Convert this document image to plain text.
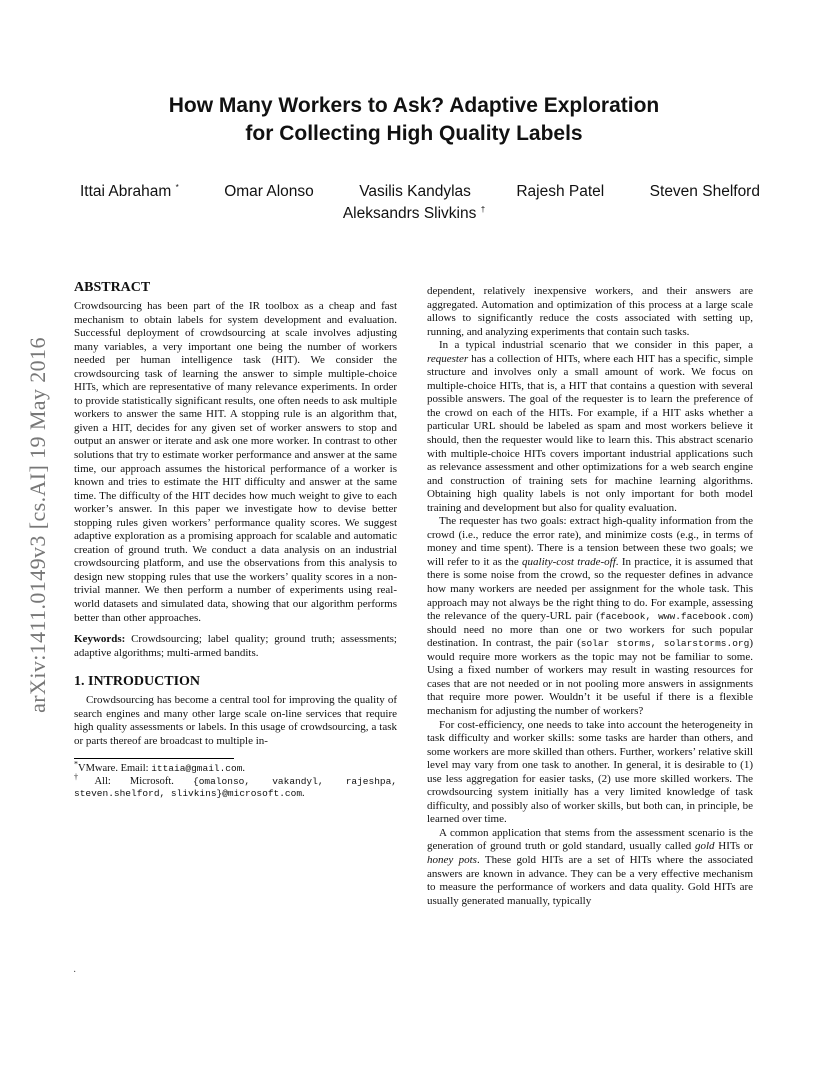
How Many Workers to Ask? Adaptive Exploration
for Collecting High Quality Labels
Ittai Abraham *	Omar Alonso	Vasilis Kandylas	Rajesh Patel	Steven Shelford
Aleksandrs Slivkins †
arXiv:1411.0149v3 [cs.AI] 19 May 2016
ABSTRACT

Crowdsourcing has been part of the IR toolbox as a cheap and fast mechanism to obtain labels for system development and evaluation. Successful deployment of crowdsourcing at scale involves adjusting many variables, a very important one being the number of workers needed per human intelligence task (HIT). We consider the crowdsourcing task of learning the answer to simple multiple-choice HITs, which are representative of many relevance experiments. In order to provide statistically significant results, one often needs to ask multiple workers to answer the same HIT. A stopping rule is an algorithm that, given a HIT, decides for any given set of worker answers to stop and output an answer or iterate and ask one more worker. In contrast to other solutions that try to estimate worker performance and answer at the same time, our approach assumes the historical performance of a worker is known and tries to estimate the HIT difficulty and answer at the same time. The difficulty of the HIT decides how much weight to give to each worker’s answer. In this paper we investigate how to devise better stopping rules given workers’ performance quality scores. We suggest adaptive exploration as a promising approach for scalable and automatic creation of ground truth. We conduct a data analysis on an industrial crowdsourcing platform, and use the observations from this analysis to design new stopping rules that use the workers’ quality scores in a non-trivial manner. We then perform a number of experiments using real-world datasets and simulated data, showing that our algorithm performs better than other approaches.

Keywords: Crowdsourcing; label quality; ground truth; assessments; adaptive algorithms; multi-armed bandits.

1. INTRODUCTION

Crowdsourcing has become a central tool for improving the quality of search engines and many other large scale on-line services that require high quality assessments or labels. In this usage of crowdsourcing, a task or parts thereof are broadcast to multiple in-

*VMware. Email: ittaia@gmail.com.

†All: Microsoft. {omalonso, vakandyl, rajeshpa, steven.shelford, slivkins}@microsoft.com.

dependent, relatively inexpensive workers, and their answers are aggregated. Automation and optimization of this process at a large scale allows to significantly reduce the costs associated with setting up, running, and analyzing experiments that contain such tasks.

In a typical industrial scenario that we consider in this paper, a requester has a collection of HITs, where each HIT has a specific, simple structure and involves only a small amount of work. We focus on multiple-choice HITs, that is, a HIT that contains a question with several possible answers. The goal of the requester is to learn the preference of the crowd on each of the HITs. For example, if a HIT asks whether a particular URL should be labeled as spam and most workers believe it should, then the requester would like to learn this. This abstract scenario with multiple-choice HITs covers important industrial applications such as relevance assessment and other optimizations for a web search engine and construction of training sets for machine learning algorithms. Obtaining high quality labels is not only important for both model training and development but also for quality evaluation.

The requester has two goals: extract high-quality information from the crowd (i.e., reduce the error rate), and minimize costs (e.g., in terms of money and time spent). There is a tension between these two goals; we will refer to it as the quality-cost trade-off. In practice, it is assumed that there is some noise from the crowd, so the requester defines in advance how many workers are needed per assignment for the whole task. This approach may not always be the right thing to do. For example, assessing the relevance of the query-URL pair (facebook, www.facebook.com) should need no more than one or two workers for such popular destination. In contrast, the pair (solar storms, solarstorms.org) would require more workers as the topic may not be familiar to some. Using a fixed number of workers may result in wasting resources for cases that are not needed or in not pooling more answers in assignments that require more power. Wouldn’t it be useful if there is a flexible mechanism for adjusting the number of workers?

For cost-efficiency, one needs to take into account the heterogeneity in task difficulty and worker skills: some tasks are harder than others, and some workers are more skilled than others. Further, workers’ relative skill level may vary from one task to another. In general, it is desirable to (1) use less aggregation for easier tasks, (2) use more skilled workers. The crowdsourcing system initially has a very limited knowledge of task difficulty, and possibly also of worker skills, but both can, in principle, be learned over time.

A common application that stems from the assessment scenario is the generation of ground truth or gold standard, usually called gold HITs or honey pots. These gold HITs are a set of HITs where the associated answers are known in advance. They can be a very effective mechanism to measure the performance of workers and data quality. Gold HITs are usually generated manually, typically

·
